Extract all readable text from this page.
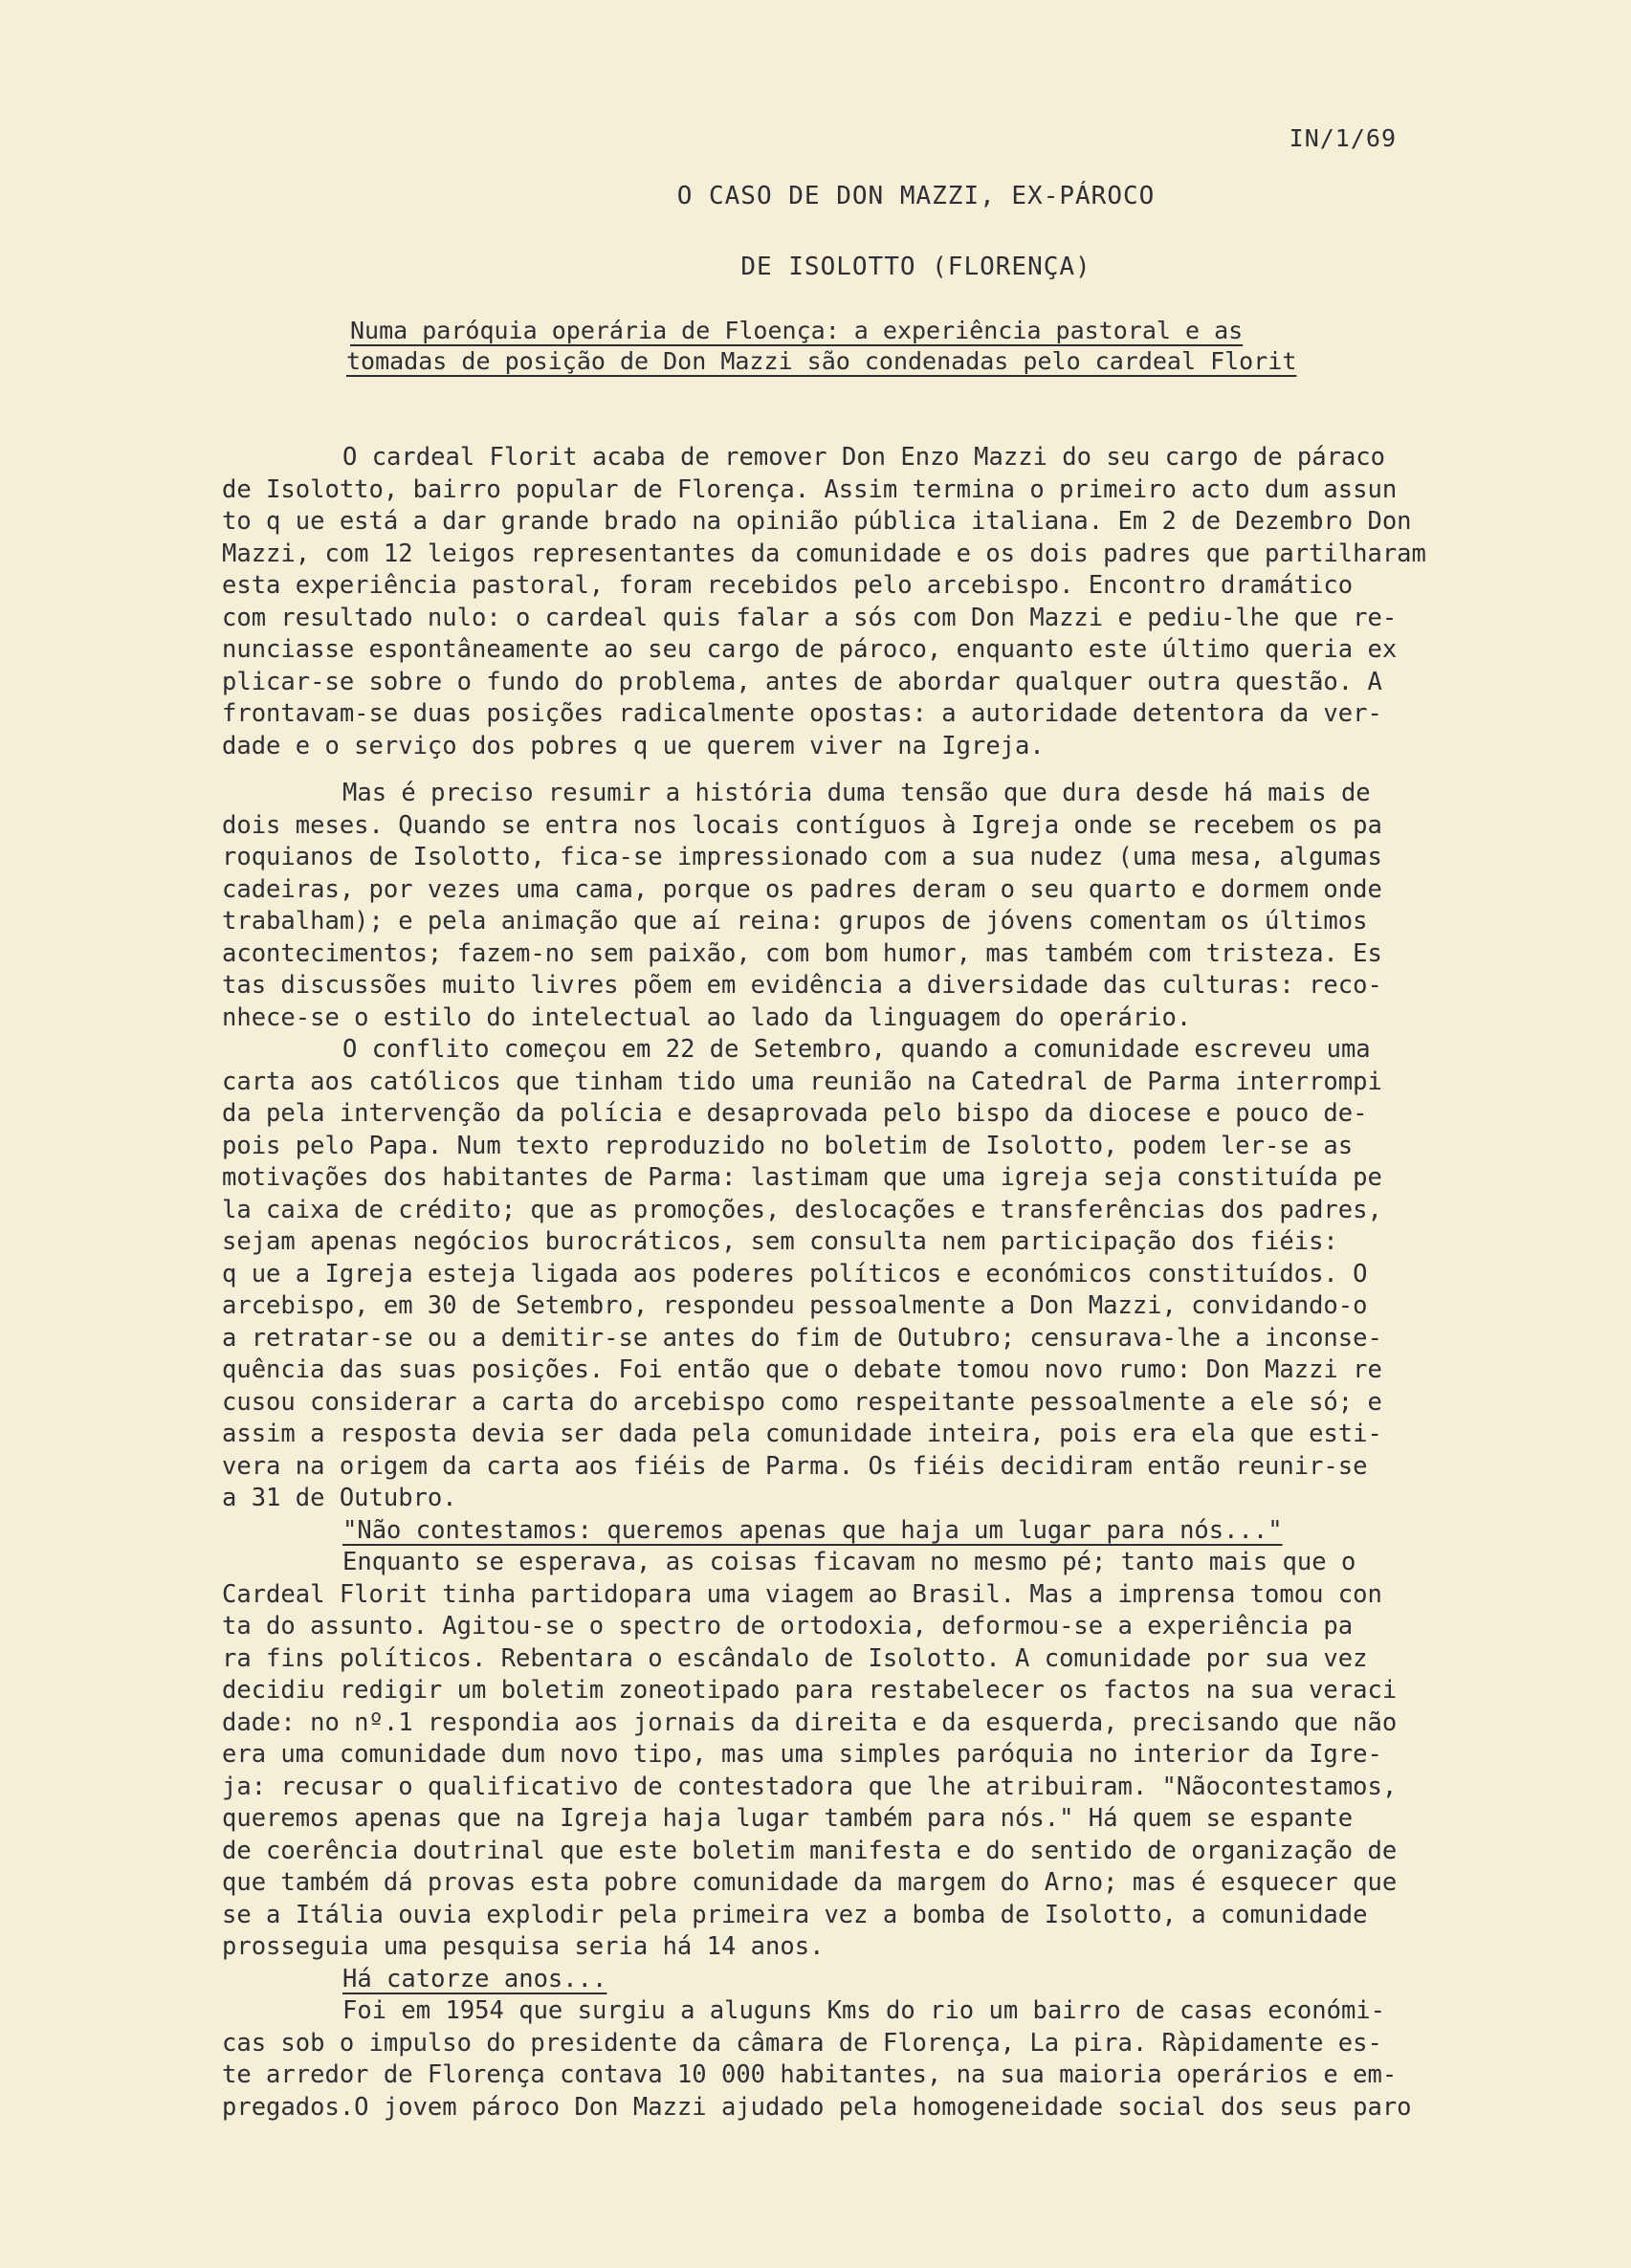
IN/1/69
O CASO DE DON MAZZI, EX-PÁROCO
DE ISOLOTTO (FLORENÇA)
Numa paróquia operária de Floença: a experiência pastoral e as
tomadas de posição de Don Mazzi são condenadas pelo cardeal Florit

O cardeal Florit acaba de remover Don Enzo Mazzi do seu cargo de páraco

de Isolotto, bairro popular de Florença. Assim termina o primeiro acto dum assun

to q ue está a dar grande brado na opinião pública italiana. Em 2 de Dezembro Don

Mazzi, com 12 leigos representantes da comunidade e os dois padres que partilharam

esta experiência pastoral, foram recebidos pelo arcebispo. Encontro dramático

com resultado nulo: o cardeal quis falar a sós com Don Mazzi e pediu-lhe que re-

nunciasse espontâneamente ao seu cargo de pároco, enquanto este último queria ex

plicar-se sobre o fundo do problema, antes de abordar qualquer outra questão. A

frontavam-se duas posições radicalmente opostas: a autoridade detentora da ver-

dade e o serviço dos pobres q ue querem viver na Igreja.

Mas é preciso resumir a história duma tensão que dura desde há mais de

dois meses. Quando se entra nos locais contíguos à Igreja onde se recebem os pa

roquianos de Isolotto, fica-se impressionado com a sua nudez (uma mesa, algumas

cadeiras, por vezes uma cama, porque os padres deram o seu quarto e dormem onde

trabalham); e pela animação que aí reina: grupos de jóvens comentam os últimos

acontecimentos; fazem-no sem paixão, com bom humor, mas também com tristeza. Es

tas discussões muito livres põem em evidência a diversidade das culturas: reco-

nhece-se o estilo do intelectual ao lado da linguagem do operário.

O conflito começou em 22 de Setembro, quando a comunidade escreveu uma

carta aos católicos que tinham tido uma reunião na Catedral de Parma interrompi

da pela intervenção da polícia e desaprovada pelo bispo da diocese e pouco de-

pois pelo Papa. Num texto reproduzido no boletim de Isolotto, podem ler-se as

motivações dos habitantes de Parma: lastimam que uma igreja seja constituída pe

la caixa de crédito; que as promoções, deslocações e transferências dos padres,

sejam apenas negócios burocráticos, sem consulta nem participação dos fiéis:

q ue a Igreja esteja ligada aos poderes políticos e económicos constituídos. O

arcebispo, em 30 de Setembro, respondeu pessoalmente a Don Mazzi, convidando-o

a retratar-se ou a demitir-se antes do fim de Outubro; censurava-lhe a inconse-

quência das suas posições. Foi então que o debate tomou novo rumo: Don Mazzi re

cusou considerar a carta do arcebispo como respeitante pessoalmente a ele só; e

assim a resposta devia ser dada pela comunidade inteira, pois era ela que esti-

vera na origem da carta aos fiéis de Parma. Os fiéis decidiram então reunir-se

a 31 de Outubro.

"Não contestamos: queremos apenas que haja um lugar para nós..."

Enquanto se esperava, as coisas ficavam no mesmo pé; tanto mais que o

Cardeal Florit tinha partidopara uma viagem ao Brasil. Mas a imprensa tomou con

ta do assunto. Agitou-se o spectro de ortodoxia, deformou-se a experiência pa

ra fins políticos. Rebentara o escândalo de Isolotto. A comunidade por sua vez

decidiu redigir um boletim zoneotipado para restabelecer os factos na sua veraci

dade: no nº.1 respondia aos jornais da direita e da esquerda, precisando que não

era uma comunidade dum novo tipo, mas uma simples paróquia no interior da Igre-

ja: recusar o qualificativo de contestadora que lhe atribuiram. "Nãocontestamos,

queremos apenas que na Igreja haja lugar também para nós." Há quem se espante

de coerência doutrinal que este boletim manifesta e do sentido de organização de

que também dá provas esta pobre comunidade da margem do Arno; mas é esquecer que

se a Itália ouvia explodir pela primeira vez a bomba de Isolotto, a comunidade

prosseguia uma pesquisa seria há 14 anos.

Há catorze anos...

Foi em 1954 que surgiu a aluguns Kms do rio um bairro de casas económi-

cas sob o impulso do presidente da câmara de Florença, La pira. Ràpidamente es-

te arredor de Florença contava 10 000 habitantes, na sua maioria operários e em-

pregados.O jovem pároco Don Mazzi ajudado pela homogeneidade social dos seus paro
